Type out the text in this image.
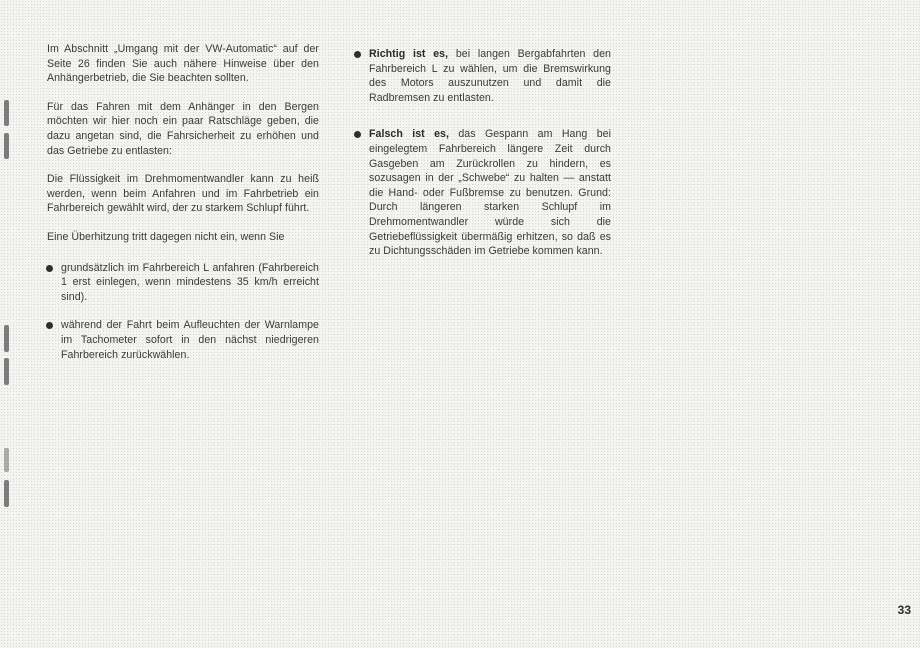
Im Abschnitt „Umgang mit der VW-Automatic“ auf der Seite 26 finden Sie auch nähere Hinweise über den Anhängerbetrieb, die Sie beachten sollten.

Für das Fahren mit dem Anhänger in den Bergen möchten wir hier noch ein paar Ratschläge geben, die dazu angetan sind, die Fahrsicherheit zu erhöhen und das Getriebe zu entlasten:

Die Flüssigkeit im Drehmomentwandler kann zu heiß werden, wenn beim Anfahren und im Fahrbetrieb ein Fahrbereich gewählt wird, der zu starkem Schlupf führt.

Eine Überhitzung tritt dagegen nicht ein, wenn Sie

grundsätzlich im Fahrbereich L anfahren (Fahrbereich 1 erst einlegen, wenn mindestens 35 km/h erreicht sind).
während der Fahrt beim Aufleuchten der Warnlampe im Tachometer sofort in den nächst niedrigeren Fahrbereich zurückwählen.
Richtig ist es, bei langen Bergabfahrten den Fahrbereich L zu wählen, um die Bremswirkung des Motors auszunutzen und damit die Radbremsen zu entlasten.
Falsch ist es, das Gespann am Hang bei eingelegtem Fahrbereich längere Zeit durch Gasgeben am Zurückrollen zu hindern, es sozusagen in der „Schwebe“ zu halten — anstatt die Hand- oder Fußbremse zu benutzen. Grund: Durch längeren starken Schlupf im Drehmomentwandler würde sich die Getriebeflüssigkeit übermäßig erhitzen, so daß es zu Dichtungsschäden im Getriebe kommen kann.
33
